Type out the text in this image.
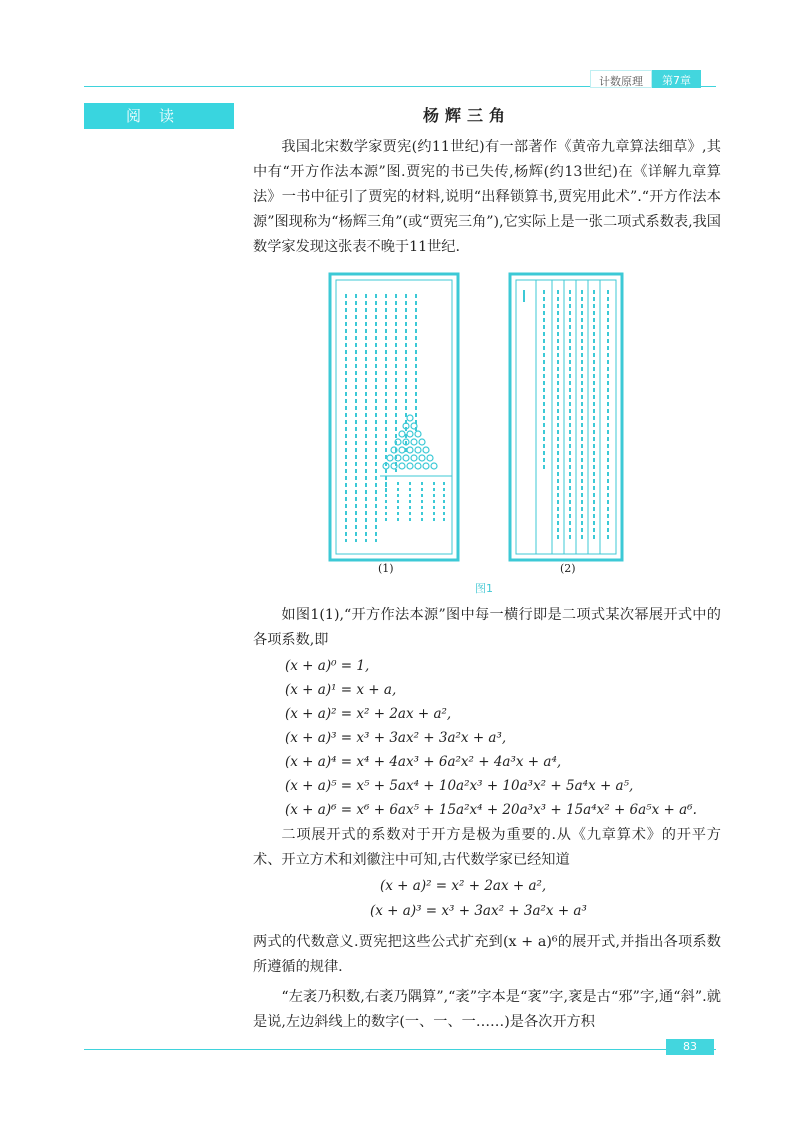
计数原理	第7章
阅读	杨辉三角
我国北宋数学家贾宪(约11世纪)有一部著作《黄帝九章算法细草》,其中有“开方作法本源”图.贾宪的书已失传,杨辉(约13世纪)在《详解九章算法》一书中征引了贾宪的材料,说明“出释锁算书,贾宪用此术”.“开方作法本源”图现称为“杨辉三角”(或“贾宪三角”),它实际上是一张二项式系数表,我国数学家发现这张表不晚于11世纪.
(1)	(2)
图1
如图1(1),“开方作法本源”图中每一横行即是二项式某次幂展开式中的各项系数,即
(x + a)⁰ = 1,
(x + a)¹ = x + a,
(x + a)² = x² + 2ax + a²,
(x + a)³ = x³ + 3ax² + 3a²x + a³,
(x + a)⁴ = x⁴ + 4ax³ + 6a²x² + 4a³x + a⁴,
(x + a)⁵ = x⁵ + 5ax⁴ + 10a²x³ + 10a³x² + 5a⁴x + a⁵,
(x + a)⁶ = x⁶ + 6ax⁵ + 15a²x⁴ + 20a³x³ + 15a⁴x² + 6a⁵x + a⁶.
二项展开式的系数对于开方是极为重要的.从《九章算术》的开平方术、开立方术和刘徽注中可知,古代数学家已经知道
(x + a)² = x² + 2ax + a²,
(x + a)³ = x³ + 3ax² + 3a²x + a³
两式的代数意义.贾宪把这些公式扩充到(x + a)⁶的展开式,并指出各项系数所遵循的规律.
“左袤乃积数,右袤乃隅算”,“袤”字本是“衺”字,衺是古“邪”字,通“斜”.就是说,左边斜线上的数字(一、一、一……)是各次开方积
83
